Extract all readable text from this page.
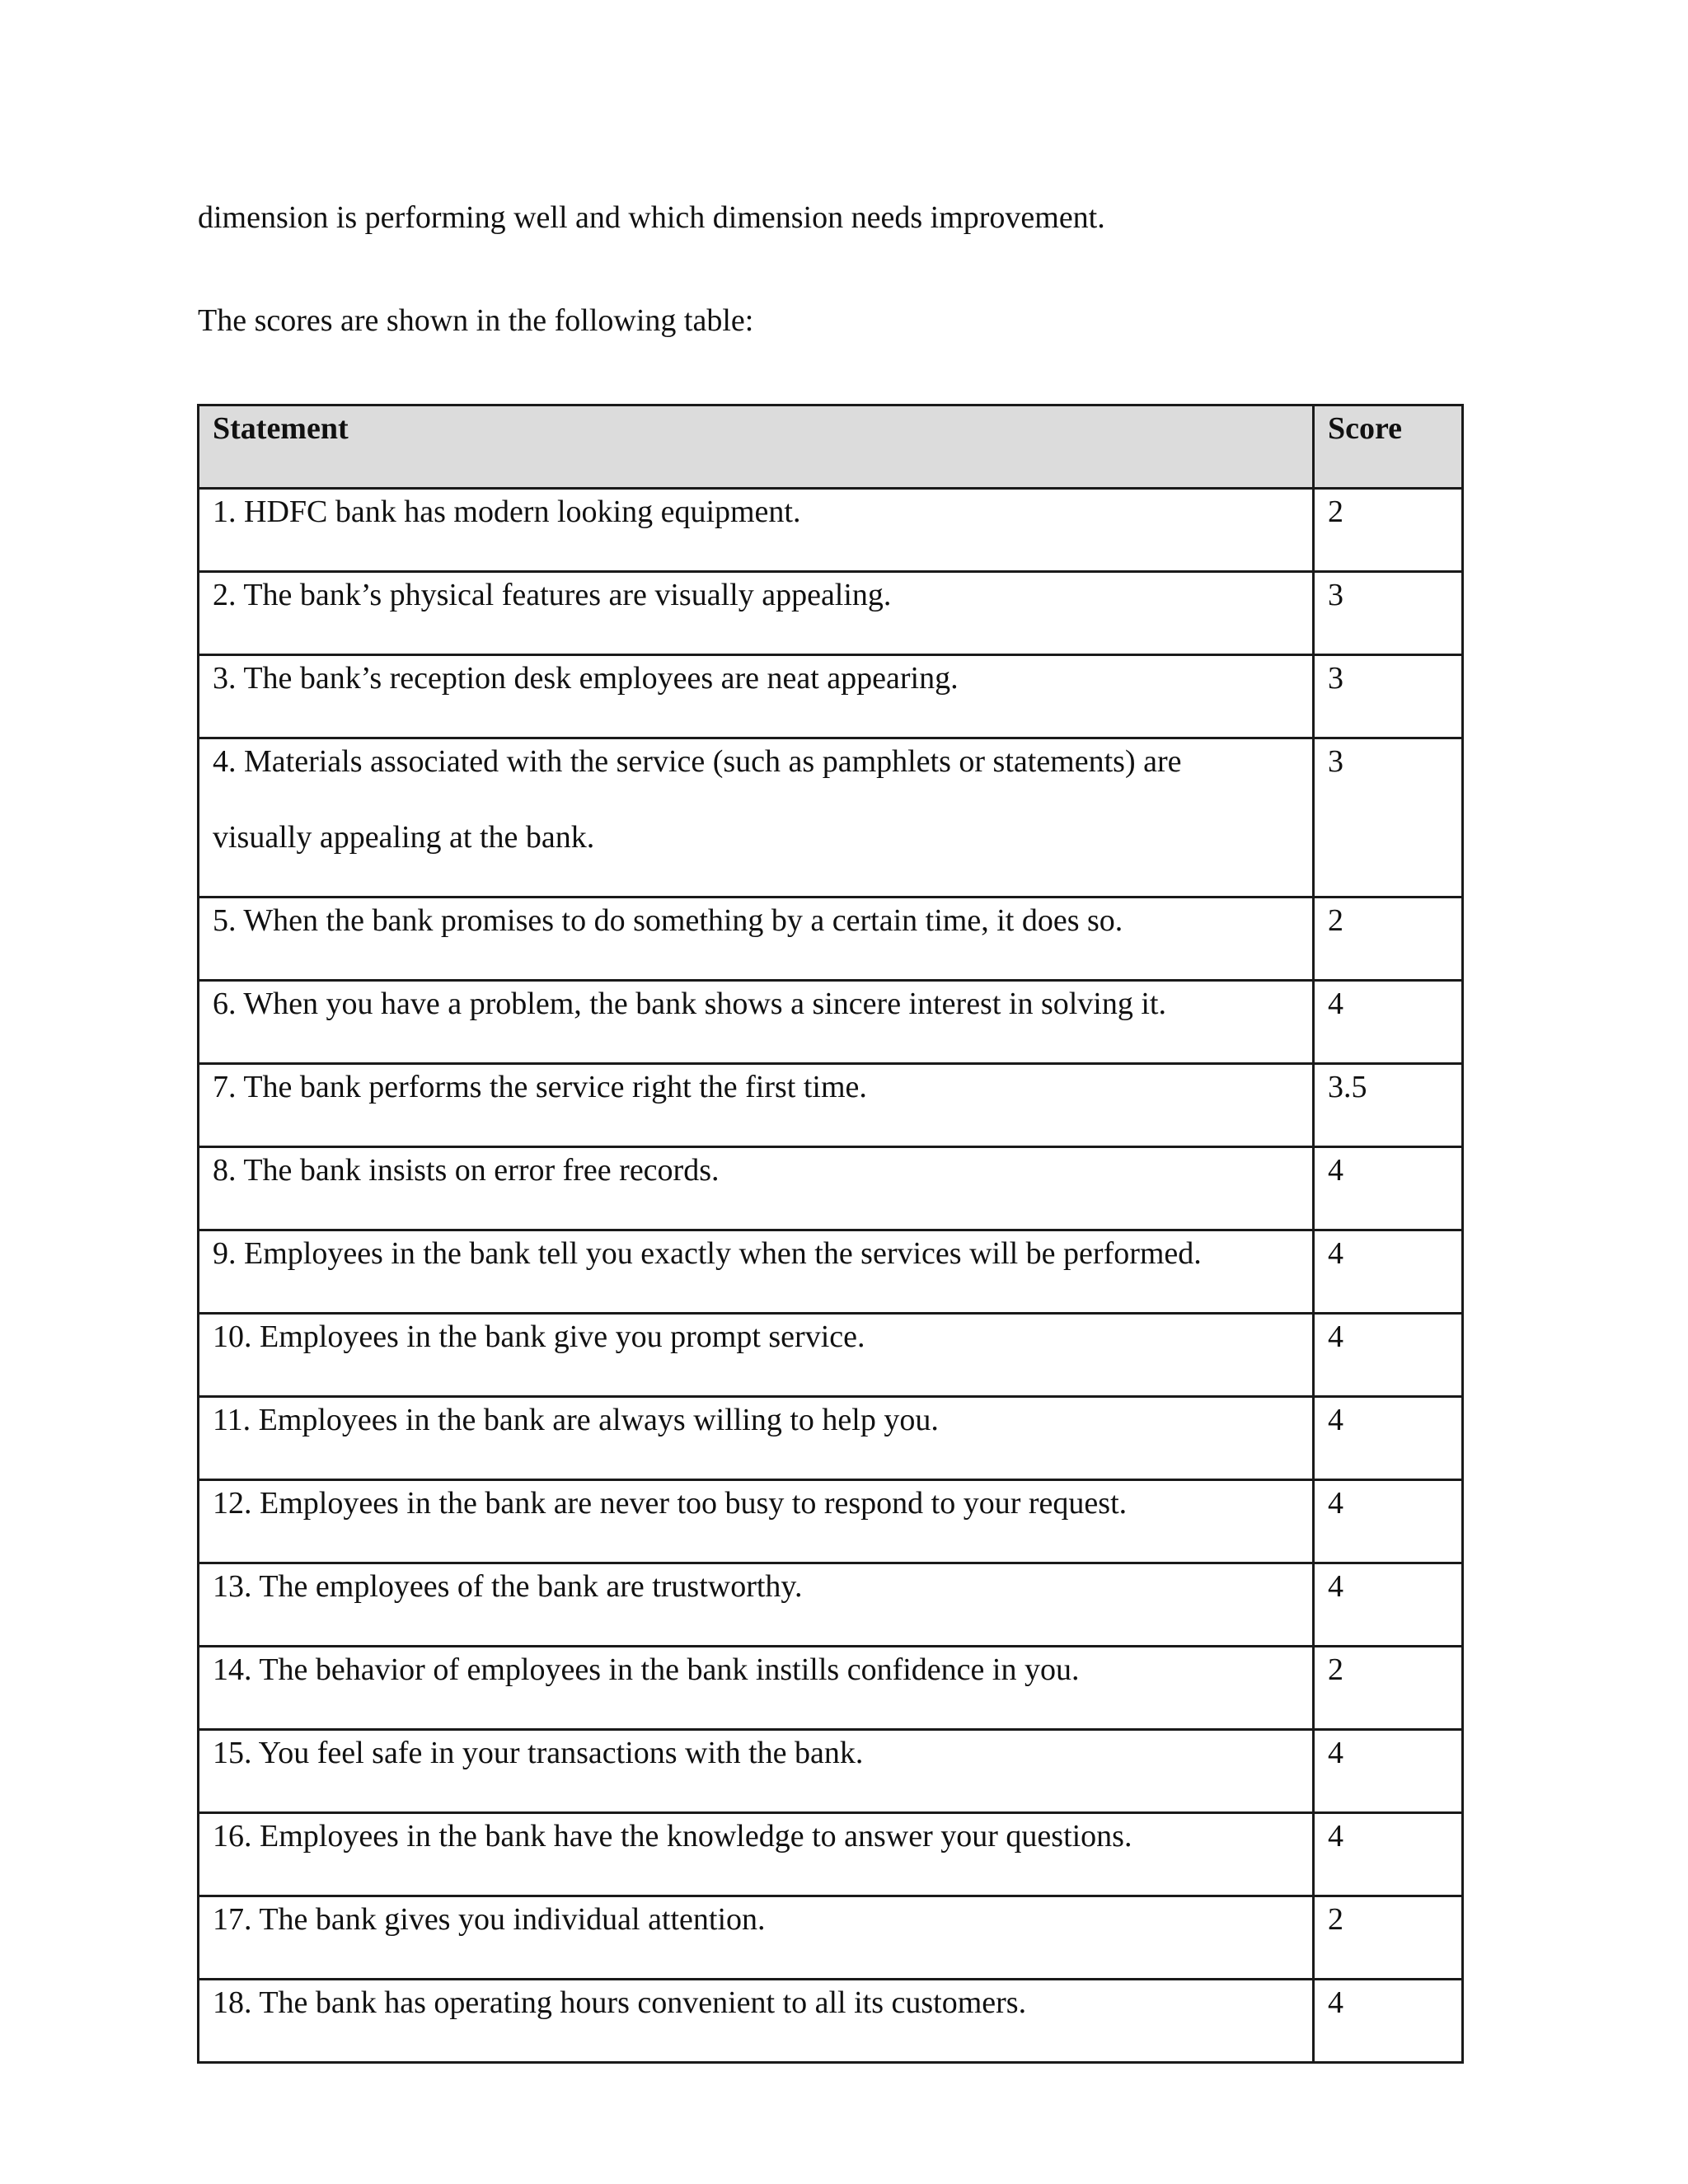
dimension is performing well and which dimension needs improvement.
The scores are shown in the following table:
Statement	Score
1. HDFC bank has modern looking equipment.	2
2. The bank’s physical features are visually appealing.	3
3. The bank’s reception desk employees are neat appearing.	3

4. Materials associated with the service (such as pamphlets or statements) are
visually appealing at the bank.	3
5. When the bank promises to do something by a certain time, it does so.	2
6. When you have a problem, the bank shows a sincere interest in solving it.	4
7. The bank performs the service right the first time.	3.5
8. The bank insists on error free records.	4
9. Employees in the bank tell you exactly when the services will be performed.	4
10. Employees in the bank give you prompt service.	4
11. Employees in the bank are always willing to help you.	4
12. Employees in the bank are never too busy to respond to your request.	4
13. The employees of the bank are trustworthy.	4
14. The behavior of employees in the bank instills confidence in you.	2
15. You feel safe in your transactions with the bank.	4
16. Employees in the bank have the knowledge to answer your questions.	4
17. The bank gives you individual attention.	2
18. The bank has operating hours convenient to all its customers.	4
